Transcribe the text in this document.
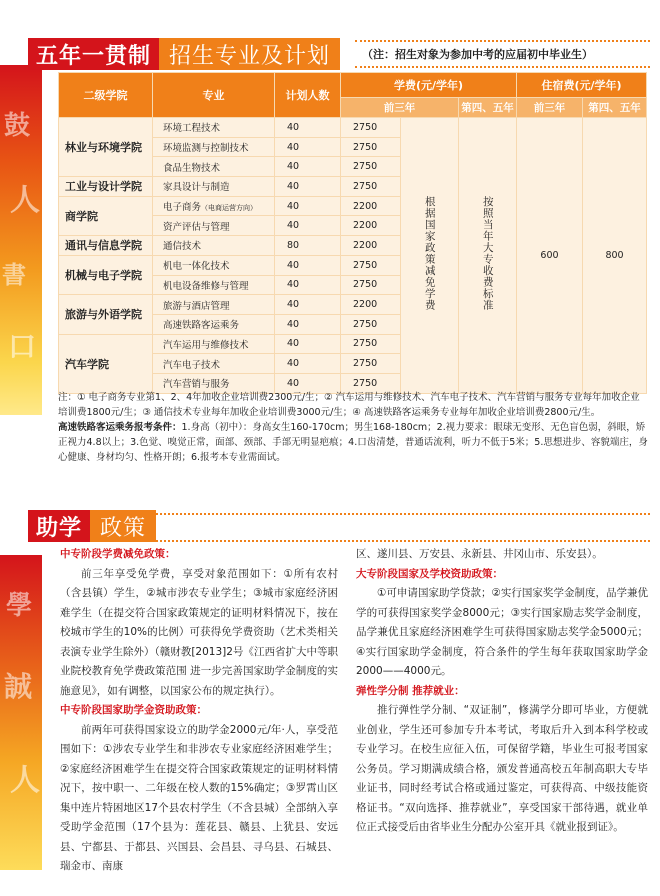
鼓
人
書
口
學
誠
人
五年一贯制 招生专业及计划	（注：招生对象为参加中考的应届初中毕业生）
二级学院	专业	计划人数	学费(元/学年)			住宿费(元/学年)	
			前三年		第四、五年	前三年	第四、五年
林业与环境学院	环境工程技术	40	2750	根据国家政策减免学费	按照当年大专收费标准	600	800
	环境监测与控制技术	40	2750				
	食品生物技术	40	2750				
工业与设计学院	家具设计与制造	40	2750				
商学院	电子商务（电商运营方向）	40	2200				
	资产评估与管理	40	2200				
通讯与信息学院	通信技术	80	2200				
机械与电子学院	机电一体化技术	40	2750				
	机电设备维修与管理	40	2750				
旅游与外语学院	旅游与酒店管理	40	2200				
	高速铁路客运乘务	40	2750				
汽车学院	汽车运用与维修技术	40	2750				
	汽车电子技术	40	2750				
	汽车营销与服务	40	2750				
注：① 电子商务专业第1、2、4年加收企业培训费2300元/生；② 汽车运用与维修技术、汽车电子技术、汽车营销与服务专业每年加收企业培训费1800元/生；③ 通信技术专业每年加收企业培训费3000元/生；④ 高速铁路客运乘务专业每年加收企业培训费2800元/生。
高速铁路客运乘务报考条件：1.身高（初中）：身高女生160-170cm；男生168-180cm；2.视力要求：眼球无变形、无色盲色弱，斜眼，矫正视力4.8以上；3.色觉、嗅觉正常，面部、颈部、手部无明显疤痕；4.口齿清楚，普通话流利，听力不低于5米；5.思想进步、容貌端庄，身心健康、身材均匀、性格开朗；6.报考本专业需面试。
助学 政策
中专阶段学费减免政策：

前三年享受免学费，享受对象范围如下：①所有农村（含县镇）学生，②城市涉农专业学生；③城市家庭经济困难学生（在提交符合国家政策规定的证明材料情况下，按在校城市学生的10%的比例）可获得免学费资助（艺术类相关表演专业学生除外）（赣财教[2013]2号《江西省扩大中等职业院校教育免学费政策范围 进一步完善国家助学金制度的实施意见》，如有调整，以国家公布的规定执行）。

中专阶段国家助学金资助政策：

前两年可获得国家设立的助学金2000元/年·人，享受范围如下：①涉农专业学生和非涉农专业家庭经济困难学生；②家庭经济困难学生在提交符合国家政策规定的证明材料情况下，按中职一、二年级在校人数的15%确定；③罗霄山区集中连片特困地区17个县农村学生（不含县城）全部纳入享受助学金范围（17个县为：莲花县、赣县、上犹县、安远县、宁都县、于都县、兴国县、会昌县、寻乌县、石城县、瑞金市、南康

区、遂川县、万安县、永新县、井冈山市、乐安县）。

大专阶段国家及学校资助政策：

①可申请国家助学贷款；②实行国家奖学金制度，品学兼优学的可获得国家奖学金8000元；③实行国家励志奖学金制度，品学兼优且家庭经济困难学生可获得国家励志奖学金5000元；④实行国家助学金制度，符合条件的学生每年获取国家助学金2000——4000元。

弹性学分制 推荐就业：

推行弹性学分制、“双证制”，修满学分即可毕业，方便就业创业，学生还可参加专升本考试，考取后升入到本科学校或专业学习。在校生应征入伍，可保留学籍，毕业生可报考国家公务员。学习期满成绩合格，颁发普通高校五年制高职大专毕业证书，同时经考试合格或通过鉴定，可获得高、中级技能资格证书。“双向选择、推荐就业”，享受国家干部待遇，就业单位正式接受后由省毕业生分配办公室开具《就业报到证》。
